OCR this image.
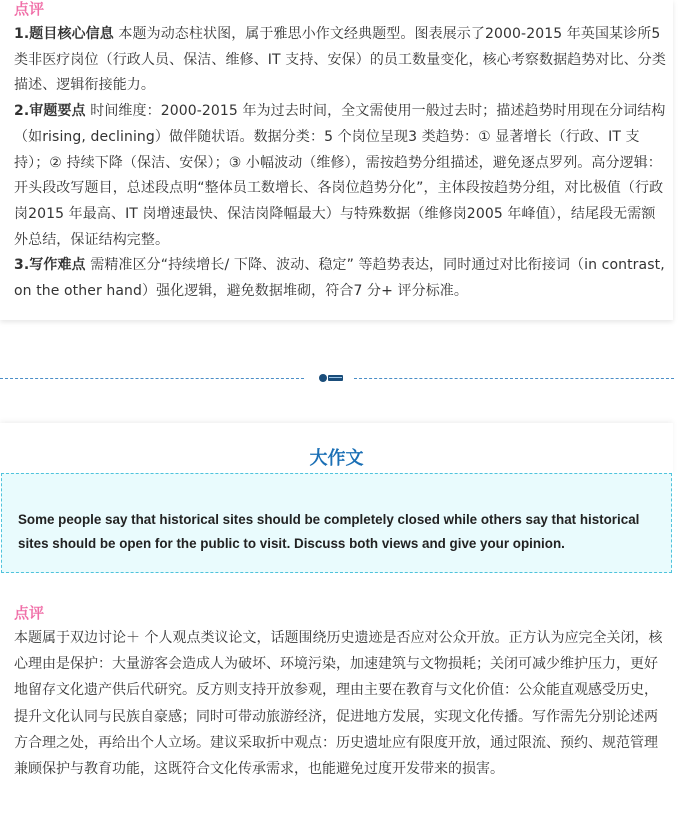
点评

1.题目核心信息 本题为动态柱状图，属于雅思小作文经典题型。图表展示了2000-2015 年英国某诊所5 类非医疗岗位（行政人员、保洁、维修、IT 支持、安保）的员工数量变化，核心考察数据趋势对比、分类描述、逻辑衔接能力。

2.审题要点 时间维度：2000-2015 年为过去时间，全文需使用一般过去时；描述趋势时用现在分词结构（如rising, declining）做伴随状语。数据分类：5 个岗位呈现3 类趋势：① 显著增长（行政、IT 支持）；② 持续下降（保洁、安保）；③ 小幅波动（维修），需按趋势分组描述，避免逐点罗列。高分逻辑：开头段改写题目，总述段点明“整体员工数增长、各岗位趋势分化”，主体段按趋势分组，对比极值（行政岗2015 年最高、IT 岗增速最快、保洁岗降幅最大）与特殊数据（维修岗2005 年峰值），结尾段无需额外总结，保证结构完整。

3.写作难点 需精准区分“持续增长/ 下降、波动、稳定” 等趋势表达，同时通过对比衔接词（in contrast, on the other hand）强化逻辑，避免数据堆砌，符合7 分+ 评分标准。

大作文
Some people say that historical sites should be completely closed while others say that historical sites should be open for the public to visit. Discuss both views and give your opinion.
点评

本题属于双边讨论＋ 个人观点类议论文，话题围绕历史遗迹是否应对公众开放。正方认为应完全关闭，核心理由是保护：大量游客会造成人为破坏、环境污染，加速建筑与文物损耗；关闭可减少维护压力，更好地留存文化遗产供后代研究。反方则支持开放参观，理由主要在教育与文化价值：公众能直观感受历史，提升文化认同与民族自豪感；同时可带动旅游经济，促进地方发展，实现文化传播。写作需先分别论述两方合理之处，再给出个人立场。建议采取折中观点：历史遗址应有限度开放，通过限流、预约、规范管理兼顾保护与教育功能，这既符合文化传承需求，也能避免过度开发带来的损害。
